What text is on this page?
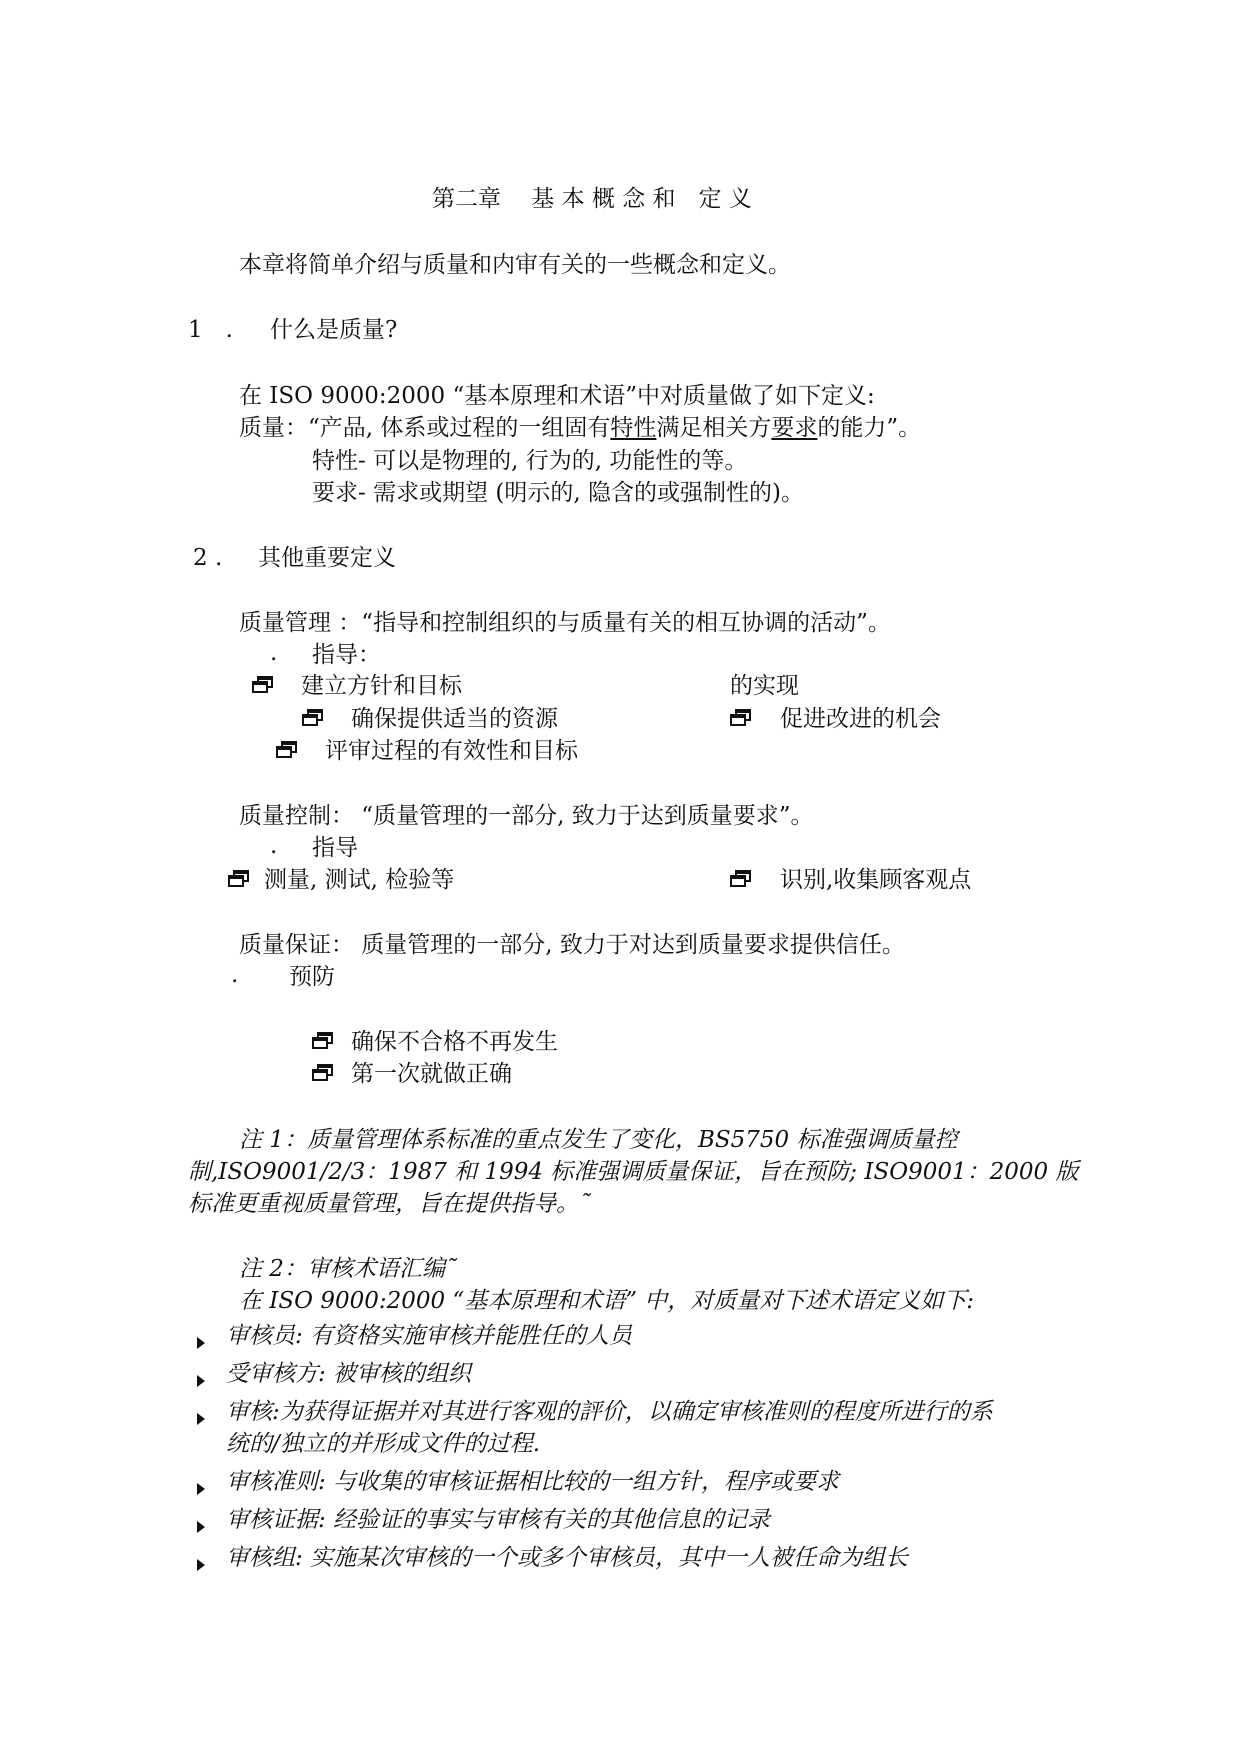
第二章　 基 本 概 念 和　定 义
本章将简单介绍与质量和内审有关的一些概念和定义。
1　. 什么是质量?
在 ISO 9000:2000 “基本原理和术语”中对质量做了如下定义:
质量：“产品, 体系或过程的一组固有特性满足相关方要求的能力”。
特性- 可以是物理的, 行为的, 功能性的等。
要求- 需求或期望 (明示的, 隐含的或强制性的)。
2 . 其他重要定义
质量管理 ：“指导和控制组织的与质量有关的相互协调的活动”。
. 指导：
建立方针和目标	的实现
确保提供适当的资源	促进改进的机会
评审过程的有效性和目标
质量控制： “质量管理的一部分, 致力于达到质量要求”。
. 指导
测量, 测试, 检验等	识别,收集顾客观点
质量保证： 质量管理的一部分, 致力于对达到质量要求提供信任。
. 预防
确保不合格不再发生
第一次就做正确
注 1：质量管理体系标准的重点发生了变化，BS5750 标准强调质量控
制,ISO9001/2/3：1987 和 1994 标准强调质量保证，旨在预防; ISO9001：2000 版
标准更重视质量管理，旨在提供指导。˜
注 2：审核术语汇编˜
在 ISO 9000:2000 “基本原理和术语” 中，对质量对下述术语定义如下:
审核员: 有资格实施审核并能胜任的人员
受审核方: 被审核的组织
审核:为获得证据并对其进行客观的評价，以确定审核准则的程度所进行的系
统的/独立的并形成文件的过程.
审核准则: 与收集的审核证据相比较的一组方针，程序或要求
审核证据: 经验证的事实与审核有关的其他信息的记录
审核组: 实施某次审核的一个或多个审核员，其中一人被任命为组长
